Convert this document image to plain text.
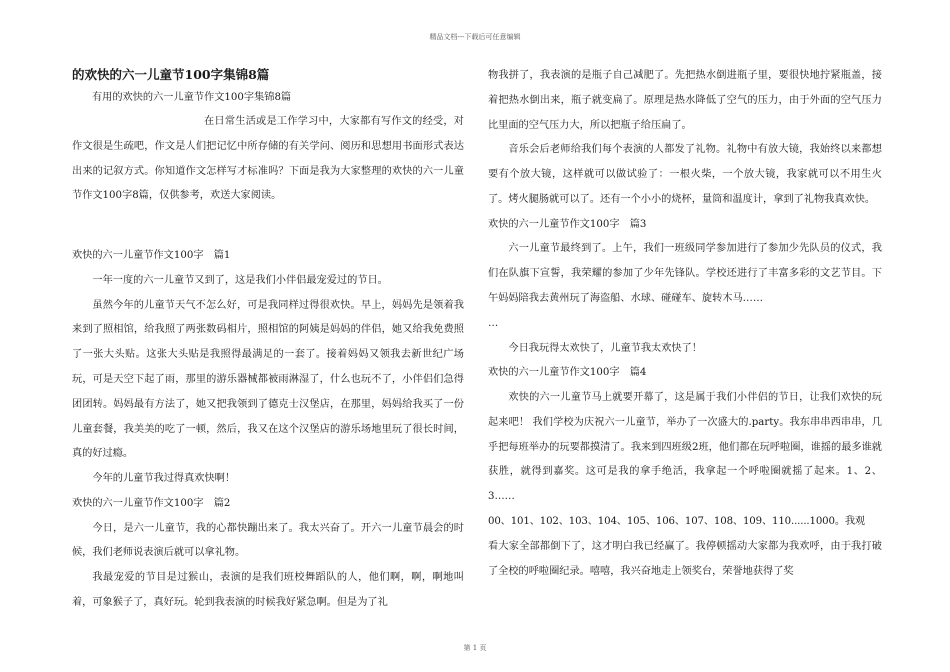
精品文档---下载后可任意编辑
的欢快的六一儿童节100字集锦8篇

有用的欢快的六一儿童节作文100字集锦8篇

在日常生活或是工作学习中，大家都有写作文的经受，对作文很是生疏吧，作文是人们把记忆中所存储的有关学问、阅历和思想用书面形式表达出来的记叙方式。你知道作文怎样写才标准吗？下面是我为大家整理的欢快的六一儿童节作文100字8篇，仅供参考，欢送大家阅读。

欢快的六一儿童节作文100字　篇1

一年一度的六一儿童节又到了，这是我们小伴侣最宠爱过的节日。

虽然今年的儿童节天气不怎么好，可是我同样过得很欢快。早上，妈妈先是领着我来到了照相馆，给我照了两张数码相片，照相馆的阿姨是妈妈的伴侣，她又给我免费照了一张大头贴。这张大头贴是我照得最满足的一套了。接着妈妈又领我去新世纪广场玩，可是天空下起了雨，那里的游乐器械都被雨淋湿了，什么也玩不了，小伴侣们急得团团转。妈妈最有方法了，她又把我领到了德克士汉堡店，在那里，妈妈给我买了一份儿童套餐，我美美的吃了一顿，然后，我又在这个汉堡店的游乐场地里玩了很长时间，真的好过瘾。

今年的儿童节我过得真欢快啊！

欢快的六一儿童节作文100字　篇2

今日，是六一儿童节，我的心都快蹦出来了。我太兴奋了。开六一儿童节晨会的时候，我们老师说表演后就可以拿礼物。

我最宠爱的节目是过猴山，表演的是我们班校舞蹈队的人，他们啊，啊，啊地叫着，可象猴子了，真好玩。轮到我表演的时候我好紧急啊。但是为了礼

物我拼了，我表演的是瓶子自己减肥了。先把热水倒进瓶子里，要很快地拧紧瓶盖，接着把热水倒出来，瓶子就变扁了。原理是热水降低了空气的压力，由于外面的空气压力比里面的空气压力大，所以把瓶子给压扁了。

音乐会后老师给我们每个表演的人都发了礼物。礼物中有放大镜，我始终以来都想要有个放大镜，这样就可以做试验了：一根火柴，一个放大镜，我家就可以不用生火了。烤火腿肠就可以了。还有一个小小的烧杯，量筒和温度计，拿到了礼物我真欢快。

欢快的六一儿童节作文100字　篇3

六一儿童节最终到了。上午，我们一班级同学参加进行了参加少先队员的仪式，我们在队旗下宣誓，我荣耀的参加了少年先锋队。学校还进行了丰富多彩的文艺节目。下午妈妈陪我去黄州玩了海盗船、水球、碰碰车、旋转木马……

…

今日我玩得太欢快了，儿童节我太欢快了！

欢快的六一儿童节作文100字　篇4

欢快的六一儿童节马上就要开幕了，这是属于我们小伴侣的节日，让我们欢快的玩起来吧！ 我们学校为庆祝六一儿童节，举办了一次盛大的.party。我东串串西串串，几乎把每班举办的玩要都摸清了。我来到四班级2班，他们都在玩呼啦圈，谁摇的最多谁就获胜，就得到嘉奖。这可是我的拿手绝活，我拿起一个呼啦圈就摇了起来。1、2、3……

00、101、102、103、104、105、106、107、108、109、110......1000。我观

看大家全部都倒下了，这才明白我已经赢了。我停顿摇动大家都为我欢呼，由于我打破了全校的呼啦圈纪录。嘻嘻，我兴奋地走上领奖台，荣誉地获得了奖

第 1 页
